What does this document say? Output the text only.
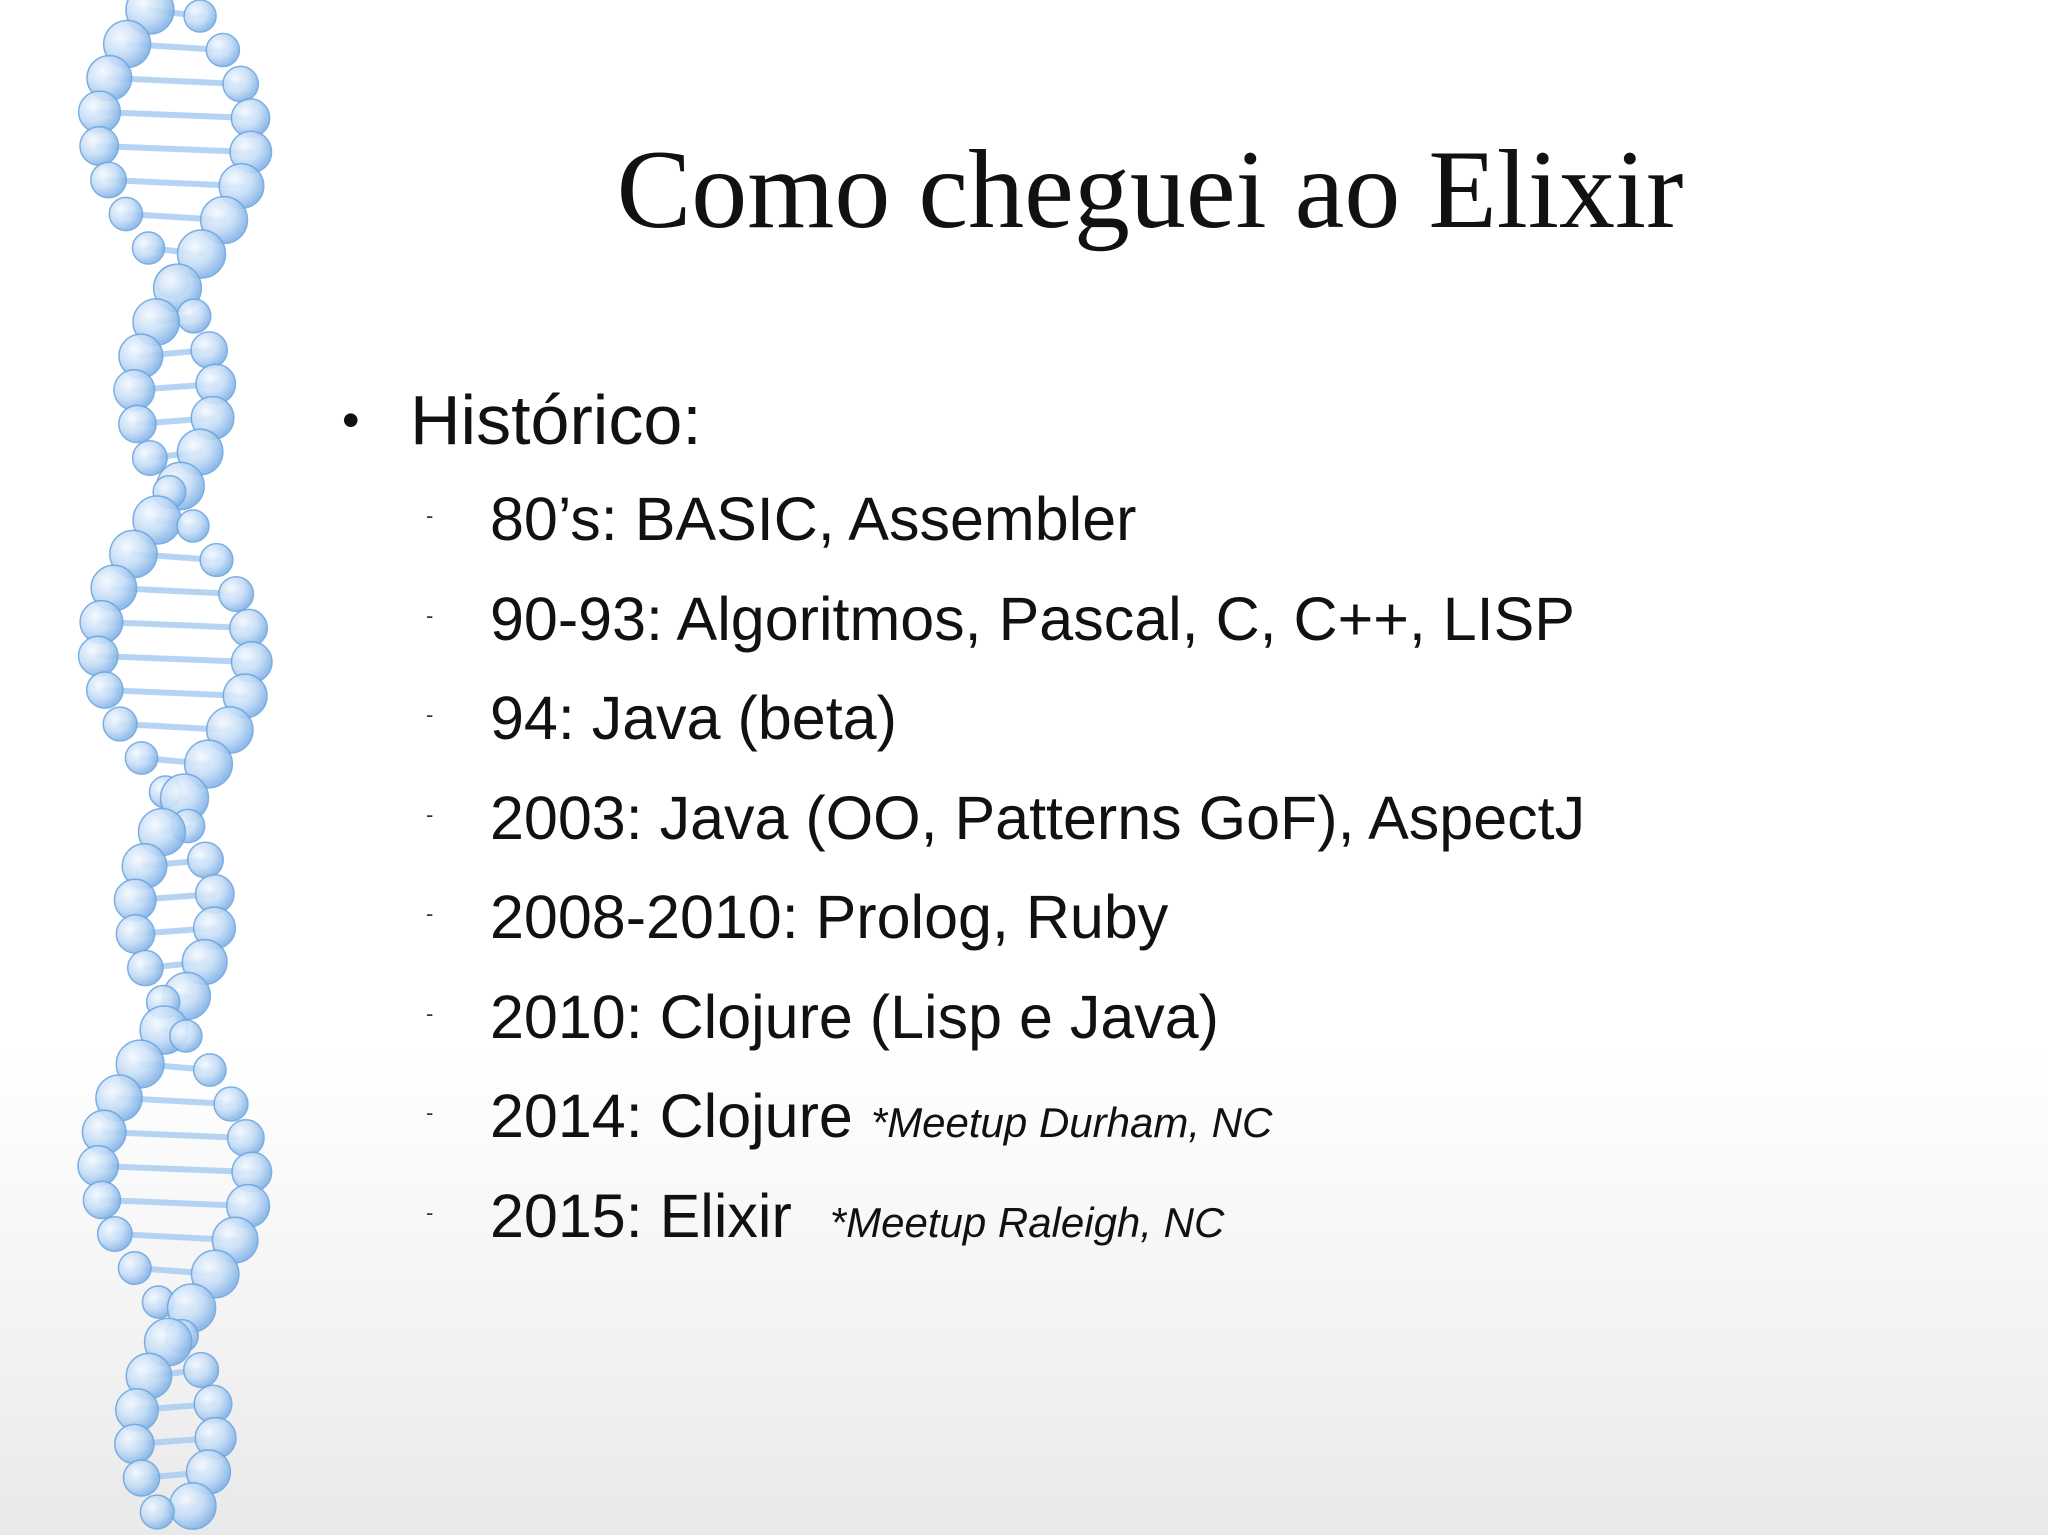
Como cheguei ao Elixir
• Histórico:
- 80’s: BASIC, Assembler
- 90-93: Algoritmos, Pascal, C, C++, LISP
- 94: Java (beta)
- 2003: Java (OO, Patterns GoF), AspectJ
- 2008-2010: Prolog, Ruby
- 2010: Clojure (Lisp e Java)
- 2014: Clojure *Meetup Durham, NC
- 2015: Elixir *Meetup Raleigh, NC
